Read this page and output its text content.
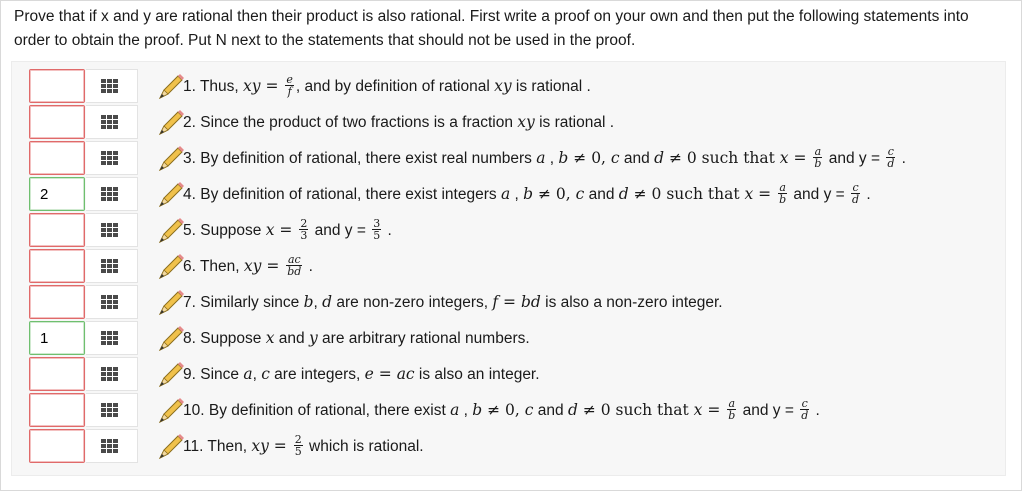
Prove that if x and y are rational then their product is also rational. First write a proof on your own and then put the following statements into order to obtain the proof. Put N next to the statements that should not be used in the proof.
1. Thus, xy = $\frac{e}{f}$ , and by definition of rational xy is rational .
2. Since the product of two fractions is a fraction xy is rational .
3. By definition of rational, there exist real numbers a , b ≠ 0, c and d ≠ 0 such that $x = \frac{a}{b}$ and $y = \frac{c}{d}$ .
2
4. By definition of rational, there exist integers a , b ≠ 0, c and d ≠ 0 such that $x = \frac{a}{b}$ and $y = \frac{c}{d}$ .
5. Suppose $x = \frac{2}{3}$ and $y = \frac{3}{5}$ .
6. Then, xy = $\frac{ac}{bd}$ .
7. Similarly since b, d are non-zero integers, f = bd is also a non-zero integer.
1
8. Suppose x and y are arbitrary rational numbers.
9. Since a, c are integers, e = ac is also an integer.
10. By definition of rational, there exist a , b ≠ 0, c and d ≠ 0 such that $x = \frac{a}{b}$ and $y = \frac{c}{d}$ .
11. Then, xy = $\frac{2}{5}$ which is rational.
